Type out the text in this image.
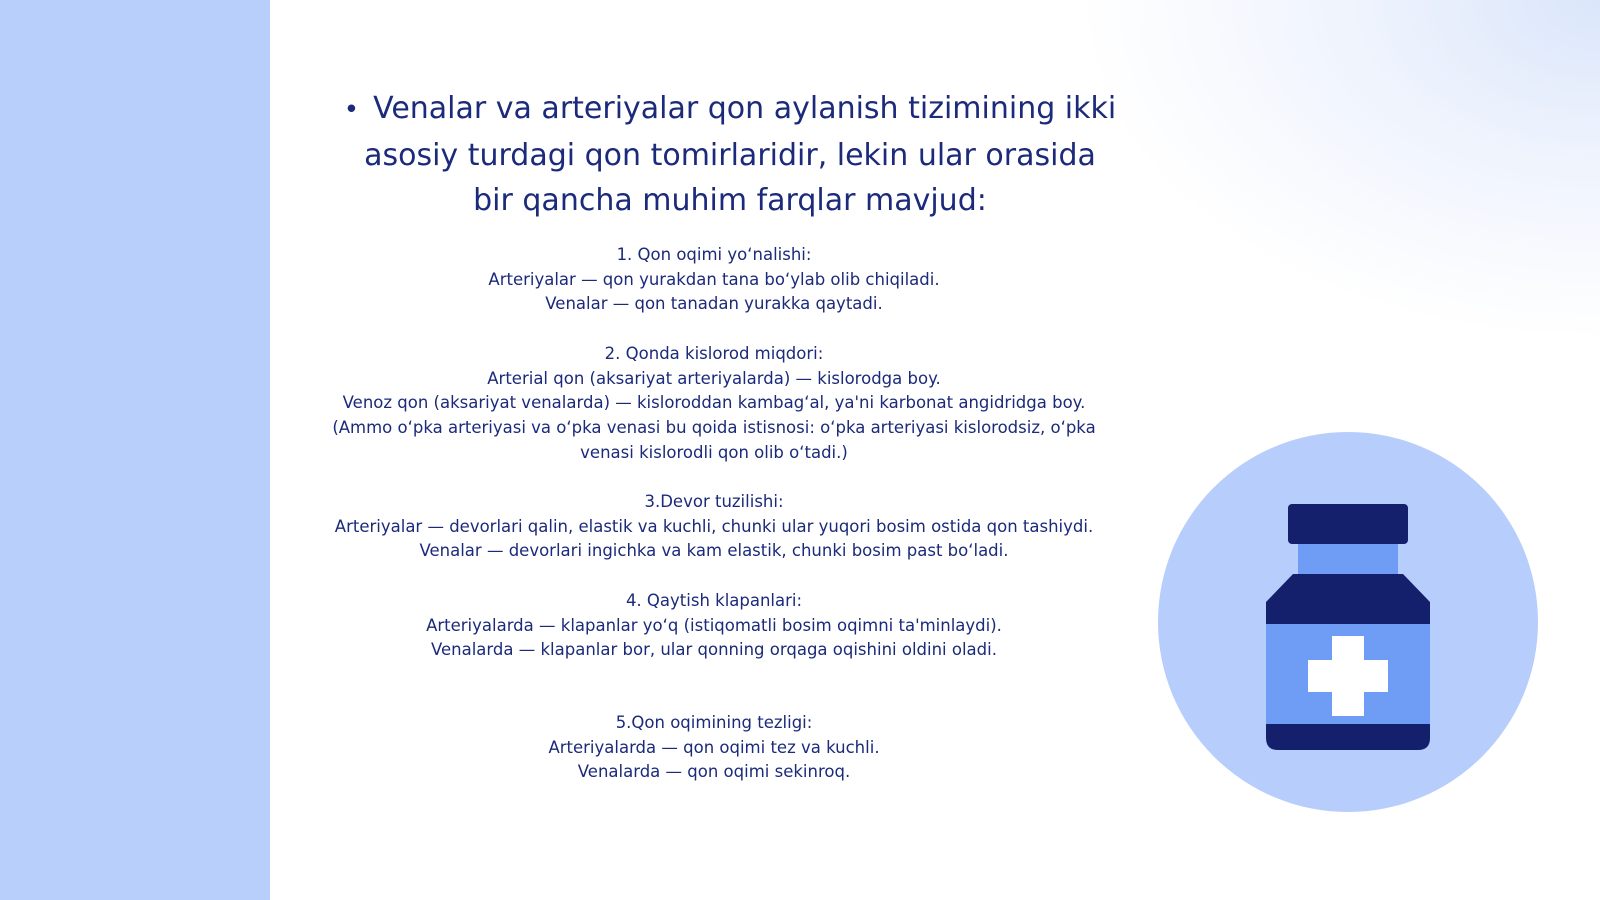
• Venalar va arteriyalar qon aylanish tizimining ikki asosiy turdagi qon tomirlaridir, lekin ular orasida bir qancha muhim farqlar mavjud:
1. Qon oqimi yo‘nalishi:
Arteriyalar — qon yurakdan tana bo‘ylab olib chiqiladi.
Venalar — qon tanadan yurakka qaytadi.
2. Qonda kislorod miqdori:
Arterial qon (aksariyat arteriyalarda) — kislorodga boy.
Venoz qon (aksariyat venalarda) — kisloroddan kambag‘al, ya'ni karbonat angidridga boy.
(Ammo o‘pka arteriyasi va o‘pka venasi bu qoida istisnosi: o‘pka arteriyasi kislorodsiz, o‘pka venasi kislorodli qon olib o‘tadi.)
3.Devor tuzilishi:
Arteriyalar — devorlari qalin, elastik va kuchli, chunki ular yuqori bosim ostida qon tashiydi.
Venalar — devorlari ingichka va kam elastik, chunki bosim past bo‘ladi.
4. Qaytish klapanlari:
Arteriyalarda — klapanlar yo‘q (istiqomatli bosim oqimni ta'minlaydi).
Venalarda — klapanlar bor, ular qonning orqaga oqishini oldini oladi.
5.Qon oqimining tezligi:
Arteriyalarda — qon oqimi tez va kuchli.
Venalarda — qon oqimi sekinroq.
